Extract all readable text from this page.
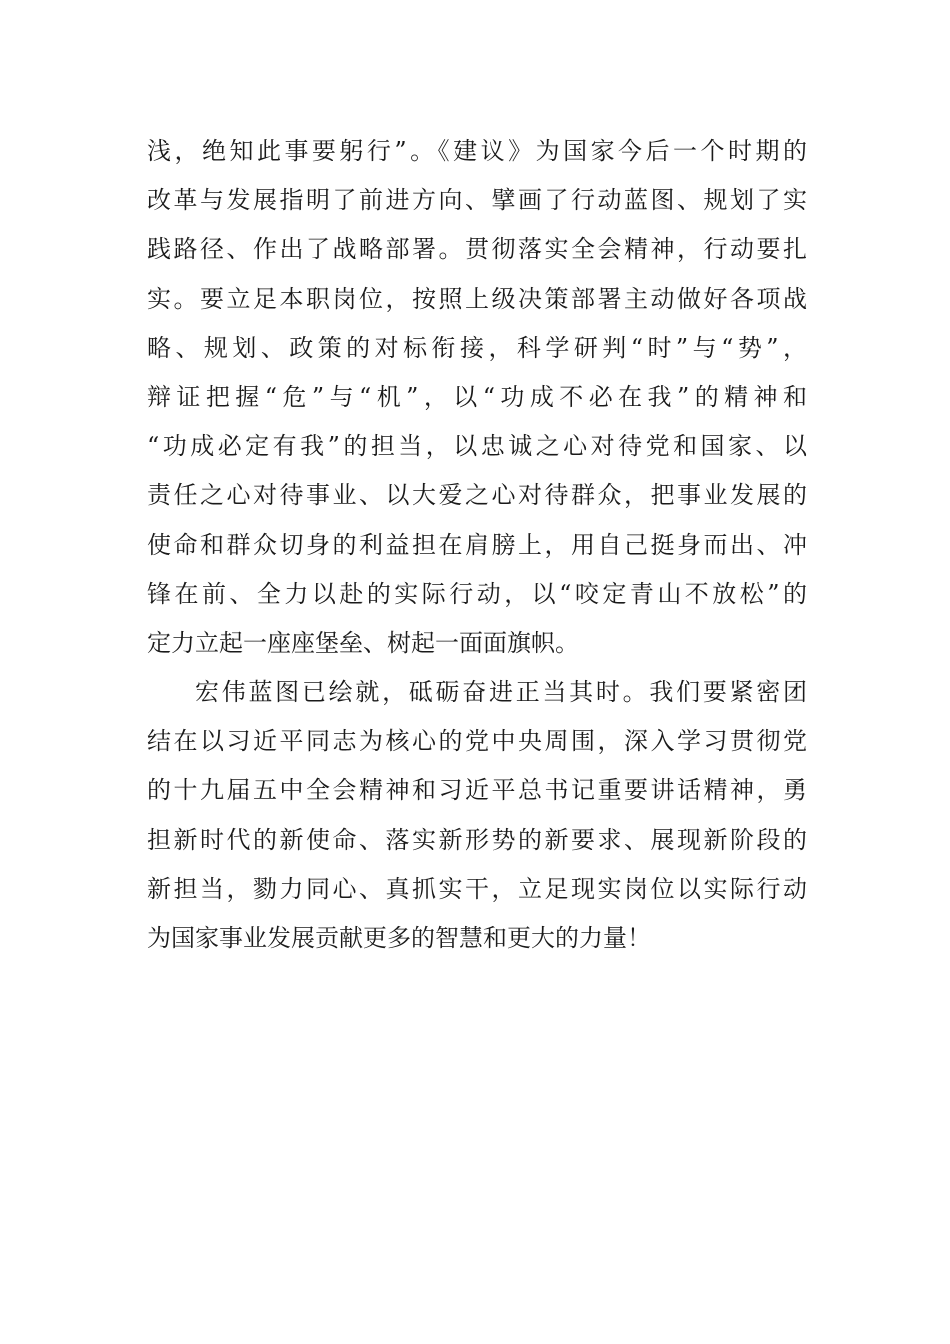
浅，绝知此事要躬行”。《建议》为国家今后一个时期的
改革与发展指明了前进方向、擘画了行动蓝图、规划了实
践路径、作出了战略部署。贯彻落实全会精神，行动要扎
实。要立足本职岗位，按照上级决策部署主动做好各项战
略、规划、政策的对标衔接，科学研判“时”与“势”，
辩证把握“危”与“机”，以“功成不必在我”的精神和
“功成必定有我”的担当，以忠诚之心对待党和国家、以
责任之心对待事业、以大爱之心对待群众，把事业发展的
使命和群众切身的利益担在肩膀上，用自己挺身而出、冲
锋在前、全力以赴的实际行动，以“咬定青山不放松”的
定力立起一座座堡垒、树起一面面旗帜。
宏伟蓝图已绘就，砥砺奋进正当其时。我们要紧密团
结在以习近平同志为核心的党中央周围，深入学习贯彻党
的十九届五中全会精神和习近平总书记重要讲话精神，勇
担新时代的新使命、落实新形势的新要求、展现新阶段的
新担当，勠力同心、真抓实干，立足现实岗位以实际行动
为国家事业发展贡献更多的智慧和更大的力量！
